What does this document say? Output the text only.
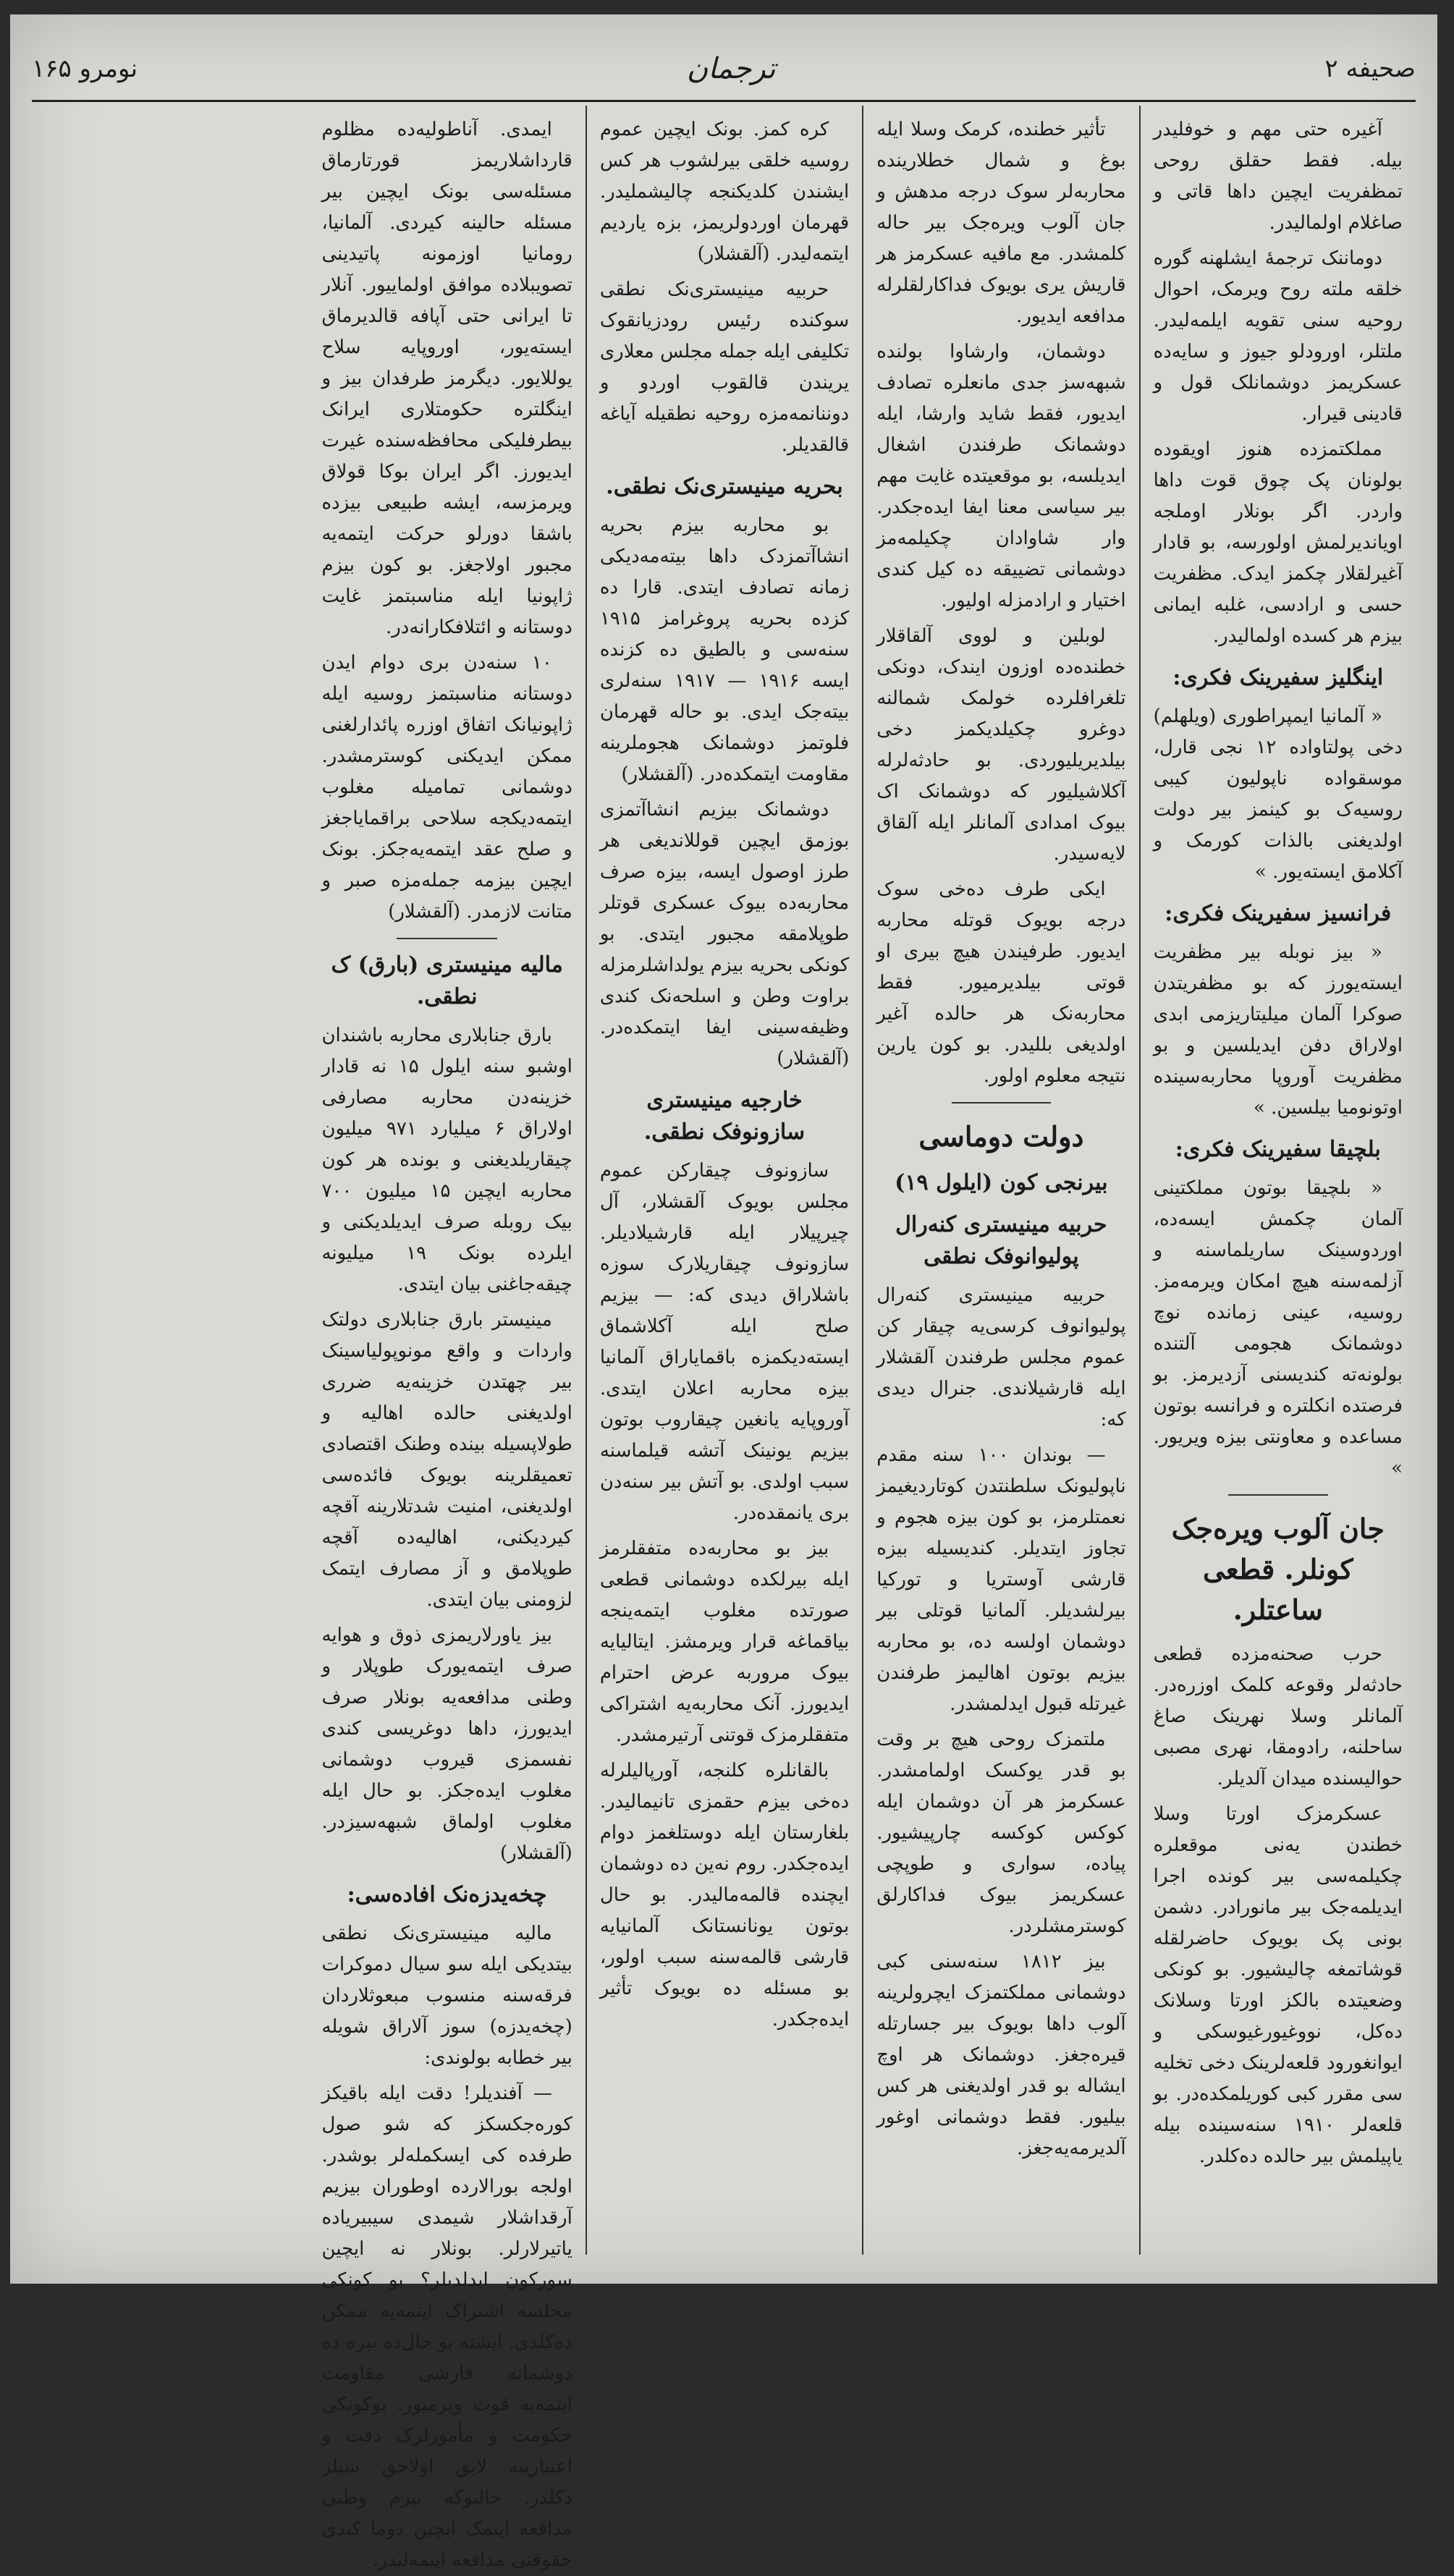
صحیفه ۲
ترجمان
نومرو ۱۶۵

آغیره حتی مهم و خوفلیدر بیله. فقط حقلق روحی تمظفریت ایچین داها قاتی و صاغلام اولمالیدر.

دوماننک ترجمهٔ ایشلهنه گوره خلقه ملته روح ویرمک، احوال روحیه سنی تقویه ایلمه‌لیدر. ملتلر، اورودلو جیوز و سایه‌ده عسکریمز دوشمانلک قول و قادینی قیرار.

مملکتمزده هنوز اویقوده بولونان پک چوق قوت داها واردر. اگر بونلار اوملجه اویاندیرلمش اولورسه، بو قادار آغیرلقلار چکمز ایدک. مظفریت حسی و ارادسی، غلبه ایمانی بیزم هر کسده اولمالیدر.

اینگلیز سفیرینک فکری:

« آلمانیا ایمپراطوری (ویلهلم) دخی پولتاواده ۱۲ نجی قارل، موسقواده ناپولیون کیبی روسیه‌ک بو کینمز بیر دولت اولدیغنی بالذات کورمک و آکلامق ایسته‌یور. »

فرانسیز سفیرینک فکری:

« بیز نوبله بیر مظفریت ایسته‌یورز که بو مظفریتدن صوکرا آلمان میلیتاریزمی ابدی اولاراق دفن ایدیلسین و بو مظفریت آوروپا محاربه‌سینده اوتونومیا بیلسین. »

بلچیقا سفیرینک فکری:

« بلچیقا بوتون مملکتینی آلمان چکمش ایسه‌ده، اوردوسینک ساریلماسنه و آزلمه‌سنه هیچ امکان ویرمه‌مز. روسیه، عینی زمانده نوچ دوشمانک هجومی آلتنده بولونه‌ته کندیسنی آزدیرمز. بو فرصتده انکلتره و فرانسه بوتون مساعده و معاونتی بیزه ویریور. »

جان آلوب ویره‌جک کونلر. قطعی ساعتلر.

حرب صحنه‌مزده قطعی حادثه‌لر وقوعه کلمک اوزره‌در. آلمانلر وسلا نهرینک صاغ ساحلنه، رادومقا، نهری مصبی حوالیسنده میدان آلدیلر.

عسکرمزک اورتا وسلا خطندن یه‌نی موقعلره چکیلمه‌سی بیر کونده اجرا ایدیلمه‌جک بیر مانورادر. دشمن بونی پک بویوک حاضرلقله قوشاتمغه چالیشیور. بو کونکی وضعیتده بالکز اورتا وسلانک ده‌کل، نووغیورغیوسکی و ایوانغورود قلعه‌لرینک دخی تخلیه سی مقرر کبی کوریلمکده‌در. بو قلعه‌لر ۱۹۱۰ سنه‌سینده بیله یاپیلمش بیر حالده ده‌کلدر.

تأثیر خطنده، کرمک وسلا ایله بوغ و شمال خطلارینده محاربه‌لر سوک درجه مدهش و جان آلوب ویره‌جک بیر حاله کلمشدر. مع مافیه عسکرمز هر قاریش یری بویوک فداکارلقلرله مدافعه ایدیور.

دوشمان، وارشاوا بولنده شبهه‌سز جدی مانعلره تصادف ایدیور، فقط شاید وارشا، ایله دوشمانک طرفندن اشغال ایدیلسه، بو موقعیتده غایت مهم بیر سیاسی معنا ایفا ایده‌جکدر. وار شاوادان چکیلمه‌مز دوشمانی تضییقه ده کیل کندی اختیار و ارادمزله اولیور.

لوبلین و لووی آلقاقلار خطنده‌ده اوزون ایندک، دونکی تلغرافلرده خولمک شمالنه دوغرو چکیلدیکمز دخی بیلدیریلیوردی. بو حادثه‌لرله آکلاشیلیور که دوشمانک اک بیوک امدادی آلمانلر ایله آلقاق لایه‌سیدر.

ایکی طرف ده‌خی سوک درجه بویوک قوتله محاربه ایدیور. طرفیندن هیچ بیری او قوتی بیلدیرمیور. فقط محاربه‌نک هر حالده آغیر اولدیغی بللیدر. بو کون یارین نتیجه معلوم اولور.

دولت دوماسی
بیرنجی کون (ایلول ۱۹)
حربیه مینیستری کنه‌رال پولیوانوفک نطقی

حربیه مینیستری کنه‌رال پولیوانوف کرسی‌یه چیقار کن عموم مجلس طرفندن آلقشلار ایله قارشیلاندی. جنرال دیدی که:

— بوندان ۱۰۰ سنه مقدم ناپولیونک سلطنتدن کوتاردیغیمز نعمتلرمز، بو کون بیزه هجوم و تجاوز ایتدیلر. کندیسیله بیزه قارشی آوستریا و تورکیا بیرلشدیلر. آلمانیا قوتلی بیر دوشمان اولسه ده، بو محاربه بیزیم بوتون اهالیمز طرفندن غیرتله قبول ایدلمشدر.

ملتمزک روحی هیچ بر وقت بو قدر یوکسک اولمامشدر. عسکرمز هر آن دوشمان ایله کوکس کوکسه چارپیشیور. پیاده، سواری و طوپچی عسکریمز بیوک فداکارلق کوسترمشلردر.

بیز ۱۸۱۲ سنه‌سنی کبی دوشمانی مملکتمزک ایچرولرینه آلوب داها بویوک بیر جسارتله قیره‌جغز. دوشمانک هر اوچ ایشاله بو قدر اولدیغنی هر کس بیلیور. فقط دوشمانی اوغور آلدیرمه‌یه‌جغز.

کره کمز. بونک ایچین عموم روسیه خلقی بیرلشوب هر کس ایشندن کلدیکنجه چالیشملیدر. قهرمان اوردولریمز، بزه یاردیم ایتمه‌لیدر. (آلقشلار)

حربیه مینیستری‌نک نطقی سوکنده رئیس رودزیانقوک تکلیفی ایله جمله مجلس معلاری یریندن قالقوب اوردو و دوننانمه‌مزه روحیه نطقیله آیاغه قالقدیلر.

بحریه مینیستری‌نک نطقی.

بو محاربه بیزم بحریه انشاآتمزدک داها بیته‌مه‌دیکی زمانه تصادف ایتدی. قارا ده کزده بحریه پروغرامز ۱۹۱۵ سنه‌سی و بالطیق ده کزنده ایسه ۱۹۱۶ — ۱۹۱۷ سنه‌لری بیته‌جک ایدی. بو حاله قهرمان فلوتمز دوشمانک هجوملرینه مقاومت ایتمکده‌در. (آلقشلار)

دوشمانک بیزیم انشاآتمزی بوزمق ایچین قوللاندیغی هر طرز اوصول ایسه، بیزه صرف محاربه‌ده بیوک عسکری قوتلر طوپلامقه مجبور ایتدی. بو کونکی بحریه بیزم یولداشلرمزله براوت وطن و اسلحه‌نک کندی وظیفه‌سینی ایفا ایتمکده‌در. (آلقشلار)

خارجیه مینیستری سازونوفک نطقی.

سازونوف چیقارکن عموم مجلس بویوک آلقشلار، آل چیرپیلار ایله قارشیلادیلر. سازونوف چیقاریلارک سوزه باشلاراق دیدی که: — بیزیم صلح ایله آکلاشماق ایسته‌دیکمزه باقمایاراق آلمانیا بیزه محاربه اعلان ایتدی. آوروپایه یانغین چیقاروب بوتون بیزیم یونینک آتشه قیلماسنه سبب اولدی. بو آتش بیر سنه‌دن بری یانمقده‌در.

بیز بو محاربه‌ده متفقلرمز ایله بیرلکده دوشمانی قطعی صورتده مغلوب ایتمه‌ینجه بیاقماغه قرار ویرمشز. ایتالیایه بیوک مروربه عرض احترام ایدیورز. آنک محاربه‌یه اشتراکی متفقلرمزک قوتنی آرتیرمشدر.

بالقانلره کلنجه، آورپالیلرله ده‌خی بیزم حقمزی تانیمالیدر. بلغارستان ایله دوستلغمز دوام ایده‌جکدر. روم نه‌ین ده دوشمان ایچنده قالمه‌مالیدر. بو حال بوتون یونانستانک آلمانیایه قارشی قالمه‌سنه سبب اولور، بو مسئله ده بویوک تأثیر ایده‌جکدر.

ایمدی. آناطولیه‌ده مظلوم قارداشلاریمز قورتارماق مسئله‌سی بونک ایچین بیر مسئله حالینه کیردی. آلمانیا، رومانیا اوزمونه پاتیدینی تصویبلاده موافق اولماییور. آنلار تا ایرانی حتی آپافه قالدیرماق ایسته‌یور، اوروپایه سلاح یوللایور. دیگرمز طرفدان بیز و اینگلتره حکومتلاری ایرانک بیطرفلیکی محافظه‌سنده غیرت ایدیورز. اگر ایران بوکا قولاق ویرمزسه، ایشه طبیعی بیزده باشقا دورلو حرکت ایتمه‌یه مجبور اولاجغز. بو کون بیزم ژاپونیا ایله مناسبتمز غایت دوستانه و ائتلافکارانه‌در.

۱۰ سنه‌دن بری دوام ایدن دوستانه مناسبتمز روسیه ایله ژاپونیانک اتفاق اوزره پائدارلغنی ممکن ایدیکنی کوسترمشدر. دوشمانی تمامیله مغلوب ایتمه‌دیکجه سلاحی براقمایاجغز و صلح عقد ایتمه‌یه‌جکز. بونک ایچین بیزمه جمله‌مزه صبر و متانت لازمدر. (آلقشلار)

مالیه مینیستری (بارق) ک نطقی.

بارق جنابلاری محاربه باشندان اوشبو سنه ایلول ۱۵ نه قادار خزینه‌دن محاربه مصارفی اولاراق ۶ میلیارد ۹۷۱ میلیون چیقاریلدیغنی و بونده هر کون محاربه ایچین ۱۵ میلیون ۷۰۰ بیک روبله صرف ایدیلدیکنی و ایلرده بونک ۱۹ میلیونه چیقه‌جاغنی بیان ایتدی.

مینیستر بارق جنابلاری دولتک واردات و واقع مونوپولیاسینک بیر چهتدن خزینه‌یه ضرری اولدیغنی حالده اهالیه و طولاپسیله بینده وطنک اقتصادی تعمیقلرینه بویوک فائده‌سی اولدیغنی، امنیت شدتلارینه آقچه کیردیکنی، اهالیه‌ده آقچه طوپلامق و آز مصارف ایتمک لزومنی بیان ایتدی.

بیز یاورلاریمزی ذوق و هوایه صرف ایتمه‌یورک طوپلار و وطنی مدافعه‌یه بونلار صرف ایدیورز، داها دوغریسی کندی نفسمزی قیروب دوشمانی مغلوب ایده‌جکز. بو حال ایله مغلوب اولماق شبهه‌سیزدر. (آلقشلار)

چخه‌یدزه‌نک افاده‌سی:

مالیه مینیستری‌نک نطقی بیتدیکی ایله سو سیال دموکرات فرقه‌سنه منسوب مبعوثلاردان (چخه‌یدزه) سوز آلاراق شویله بیر خطابه بولوندی:

— آفندیلر! دقت ایله باقیکز کوره‌جکسکز که شو صول طرفده کی ایسکمله‌لر بوشدر. اولجه بورالارده اوطوران بیزیم آرقداشلار شیمدی سیبیریاده یاتیرلارلر. بونلار نه ایچین سورکون ایدلدیلر؟ بو کونکی مجلسه اشتراک ایتمه‌یه ممکن ده‌کلدی. ایشته بو حال‌ده بیزه ده دوشمانه قارشی مقاومت ایتمه‌یه قوت ویرمیور. بوکونکی حکومت و مأمورلرک دقت و اعتبارینه لایق اولاجق شیلر دکلدر. حالبوکه بیزم وطنی مدافعه ایتمک ایچین دوما کندی حقوقنی مدافعه ایتمه‌لیدر.
